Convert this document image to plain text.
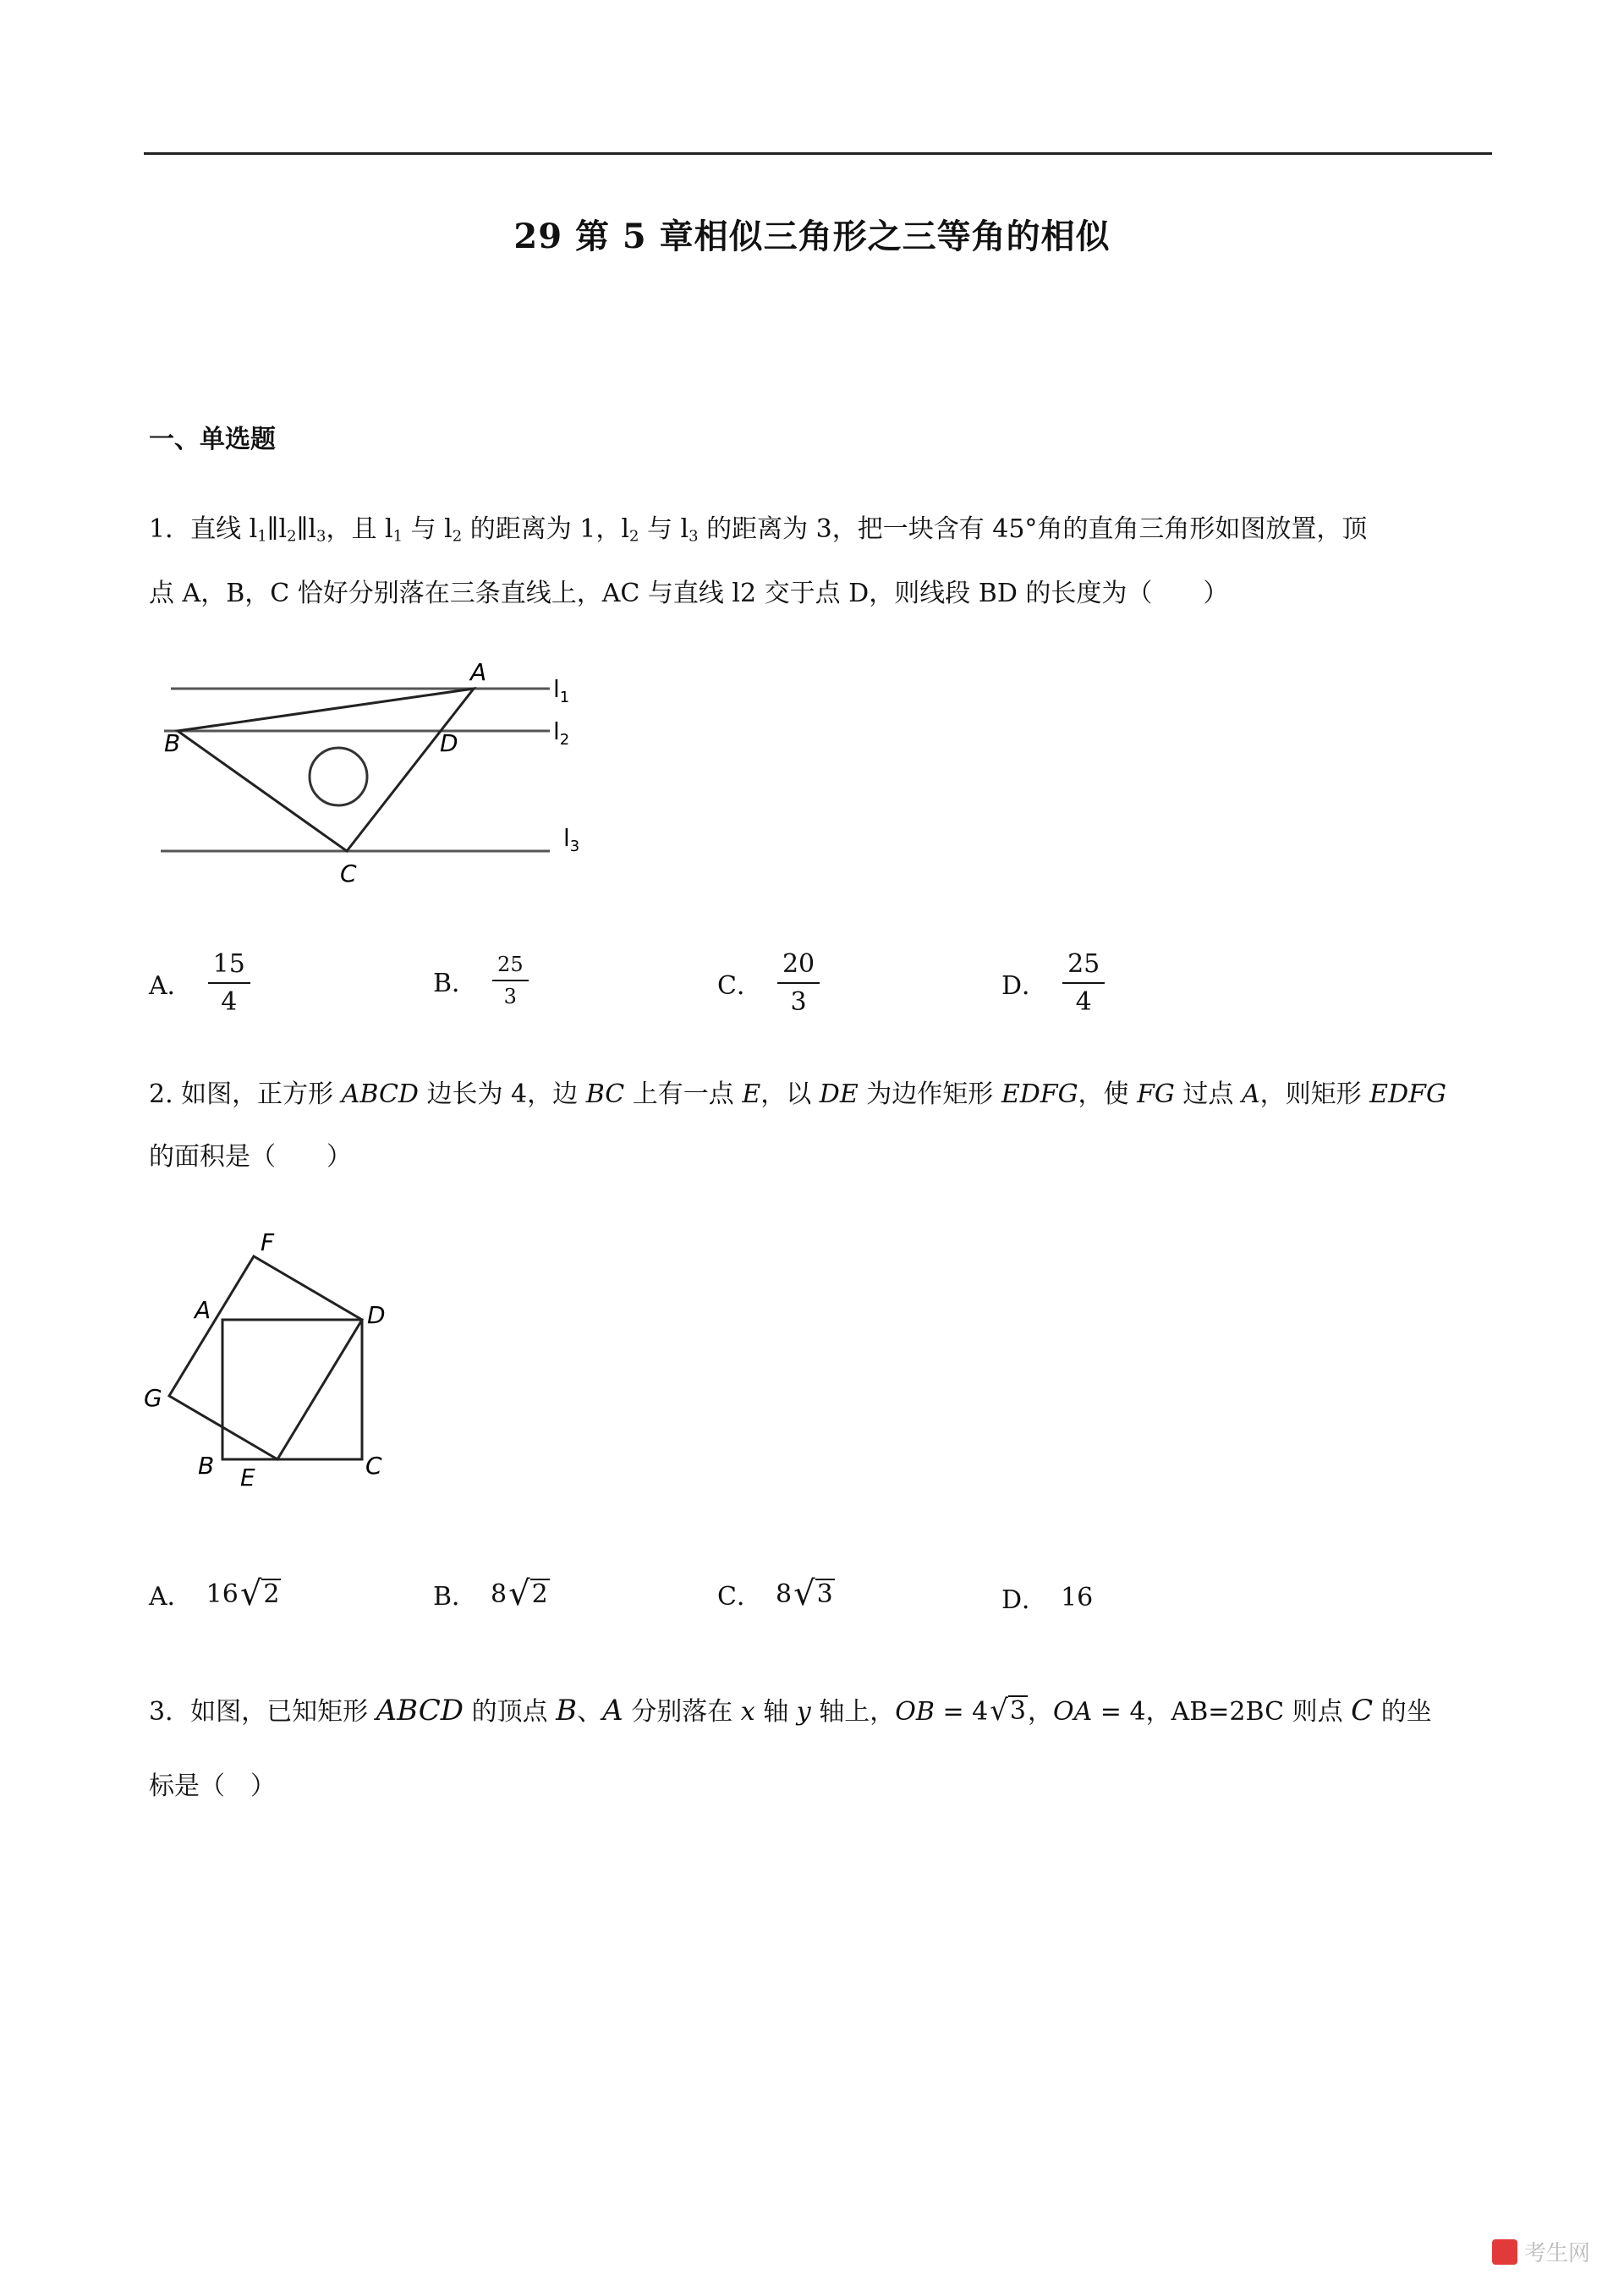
29 第 5 章相似三角形之三等角的相似
一、单选题
1．直线 $l_1\parallel l_2\parallel l_3$，且 $l_1$ 与 $l_2$ 的距离为 1，$l_2$ 与 $l_3$ 的距离为 3，把一块含有 45°角的直角三角形如图放置，顶
点 A，B，C 恰好分别落在三条直线上，AC 与直线 l2 交于点 D，则线段 BD 的长度为（　　）
A
B
C
D
$l_1$
$l_2$
$l_3$
A． $\frac{15}{4}$	B． $\frac{25}{3}$	C． $\frac{20}{3}$	D． $\frac{25}{4}$
2. 如图，正方形 ABCD 边长为 4，边 BC 上有一点 E，以 DE 为边作矩形 EDFG，使 FG 过点 A，则矩形 EDFG
的面积是（　　）
F
A	D
G
B E	C
A． 16 √ 2	B． 8 √ 2	C． 8 √ 3	D． 16
3．如图，已知矩形 ABCD 的顶点 B、A 分别落在 x 轴 y 轴上，OB = 4 √ 3 ，OA = 4，AB=2BC 则点 C 的坐
标是（　）
考生网
